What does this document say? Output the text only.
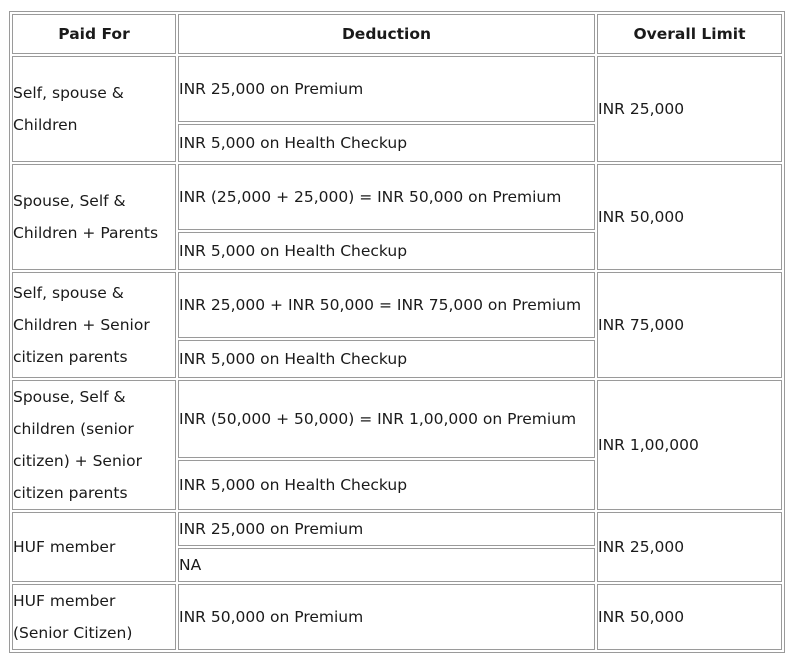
Paid For	Deduction	Overall Limit
Self, spouse & Children	INR 25,000 on Premium	INR 25,000
	INR 5,000 on Health Checkup	
Spouse, Self & Children + Parents	INR (25,000 + 25,000) = INR 50,000 on Premium	INR 50,000
	INR 5,000 on Health Checkup	
Self, spouse & Children + Senior citizen parents	INR 25,000 + INR 50,000 = INR 75,000 on Premium	INR 75,000
	INR 5,000 on Health Checkup	
Spouse, Self & children (senior citizen) + Senior citizen parents	INR (50,000 + 50,000) = INR 1,00,000 on Premium	INR 1,00,000
	INR 5,000 on Health Checkup	
HUF member	INR 25,000 on Premium	INR 25,000
	NA	
HUF member (Senior Citizen)	INR 50,000 on Premium	INR 50,000
